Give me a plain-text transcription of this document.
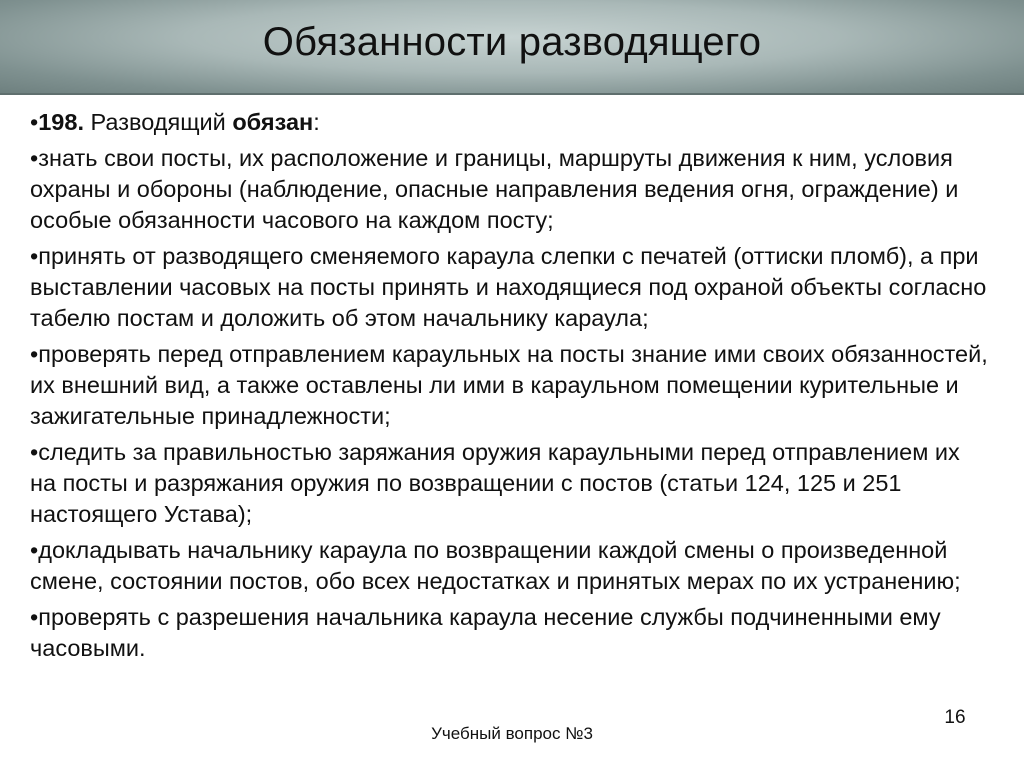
Обязанности разводящего

•198. Разводящий обязан:

•знать свои посты, их расположение и границы, маршруты движения к ним, условия охраны и обороны (наблюдение, опасные направления ведения огня, ограждение) и особые обязанности часового на каждом посту;

•принять от разводящего сменяемого караула слепки с печатей (оттиски пломб), а при выставлении часовых на посты принять и находящиеся под охраной объекты согласно табелю постам и доложить об этом начальнику караула;

•проверять перед отправлением караульных на посты знание ими своих обязанностей, их внешний вид, а также оставлены ли ими в караульном помещении курительные и зажигательные принадлежности;

•следить за правильностью заряжания оружия караульными перед отправлением их на посты и разряжания оружия по возвращении с постов (статьи 124, 125 и 251 настоящего Устава);

•докладывать начальнику караула по возвращении каждой смены о произведенной смене, состоянии постов, обо всех недостатках и принятых мерах по их устранению;

•проверять с разрешения начальника караула несение службы подчиненными ему часовыми.

Учебный вопрос №3
16
